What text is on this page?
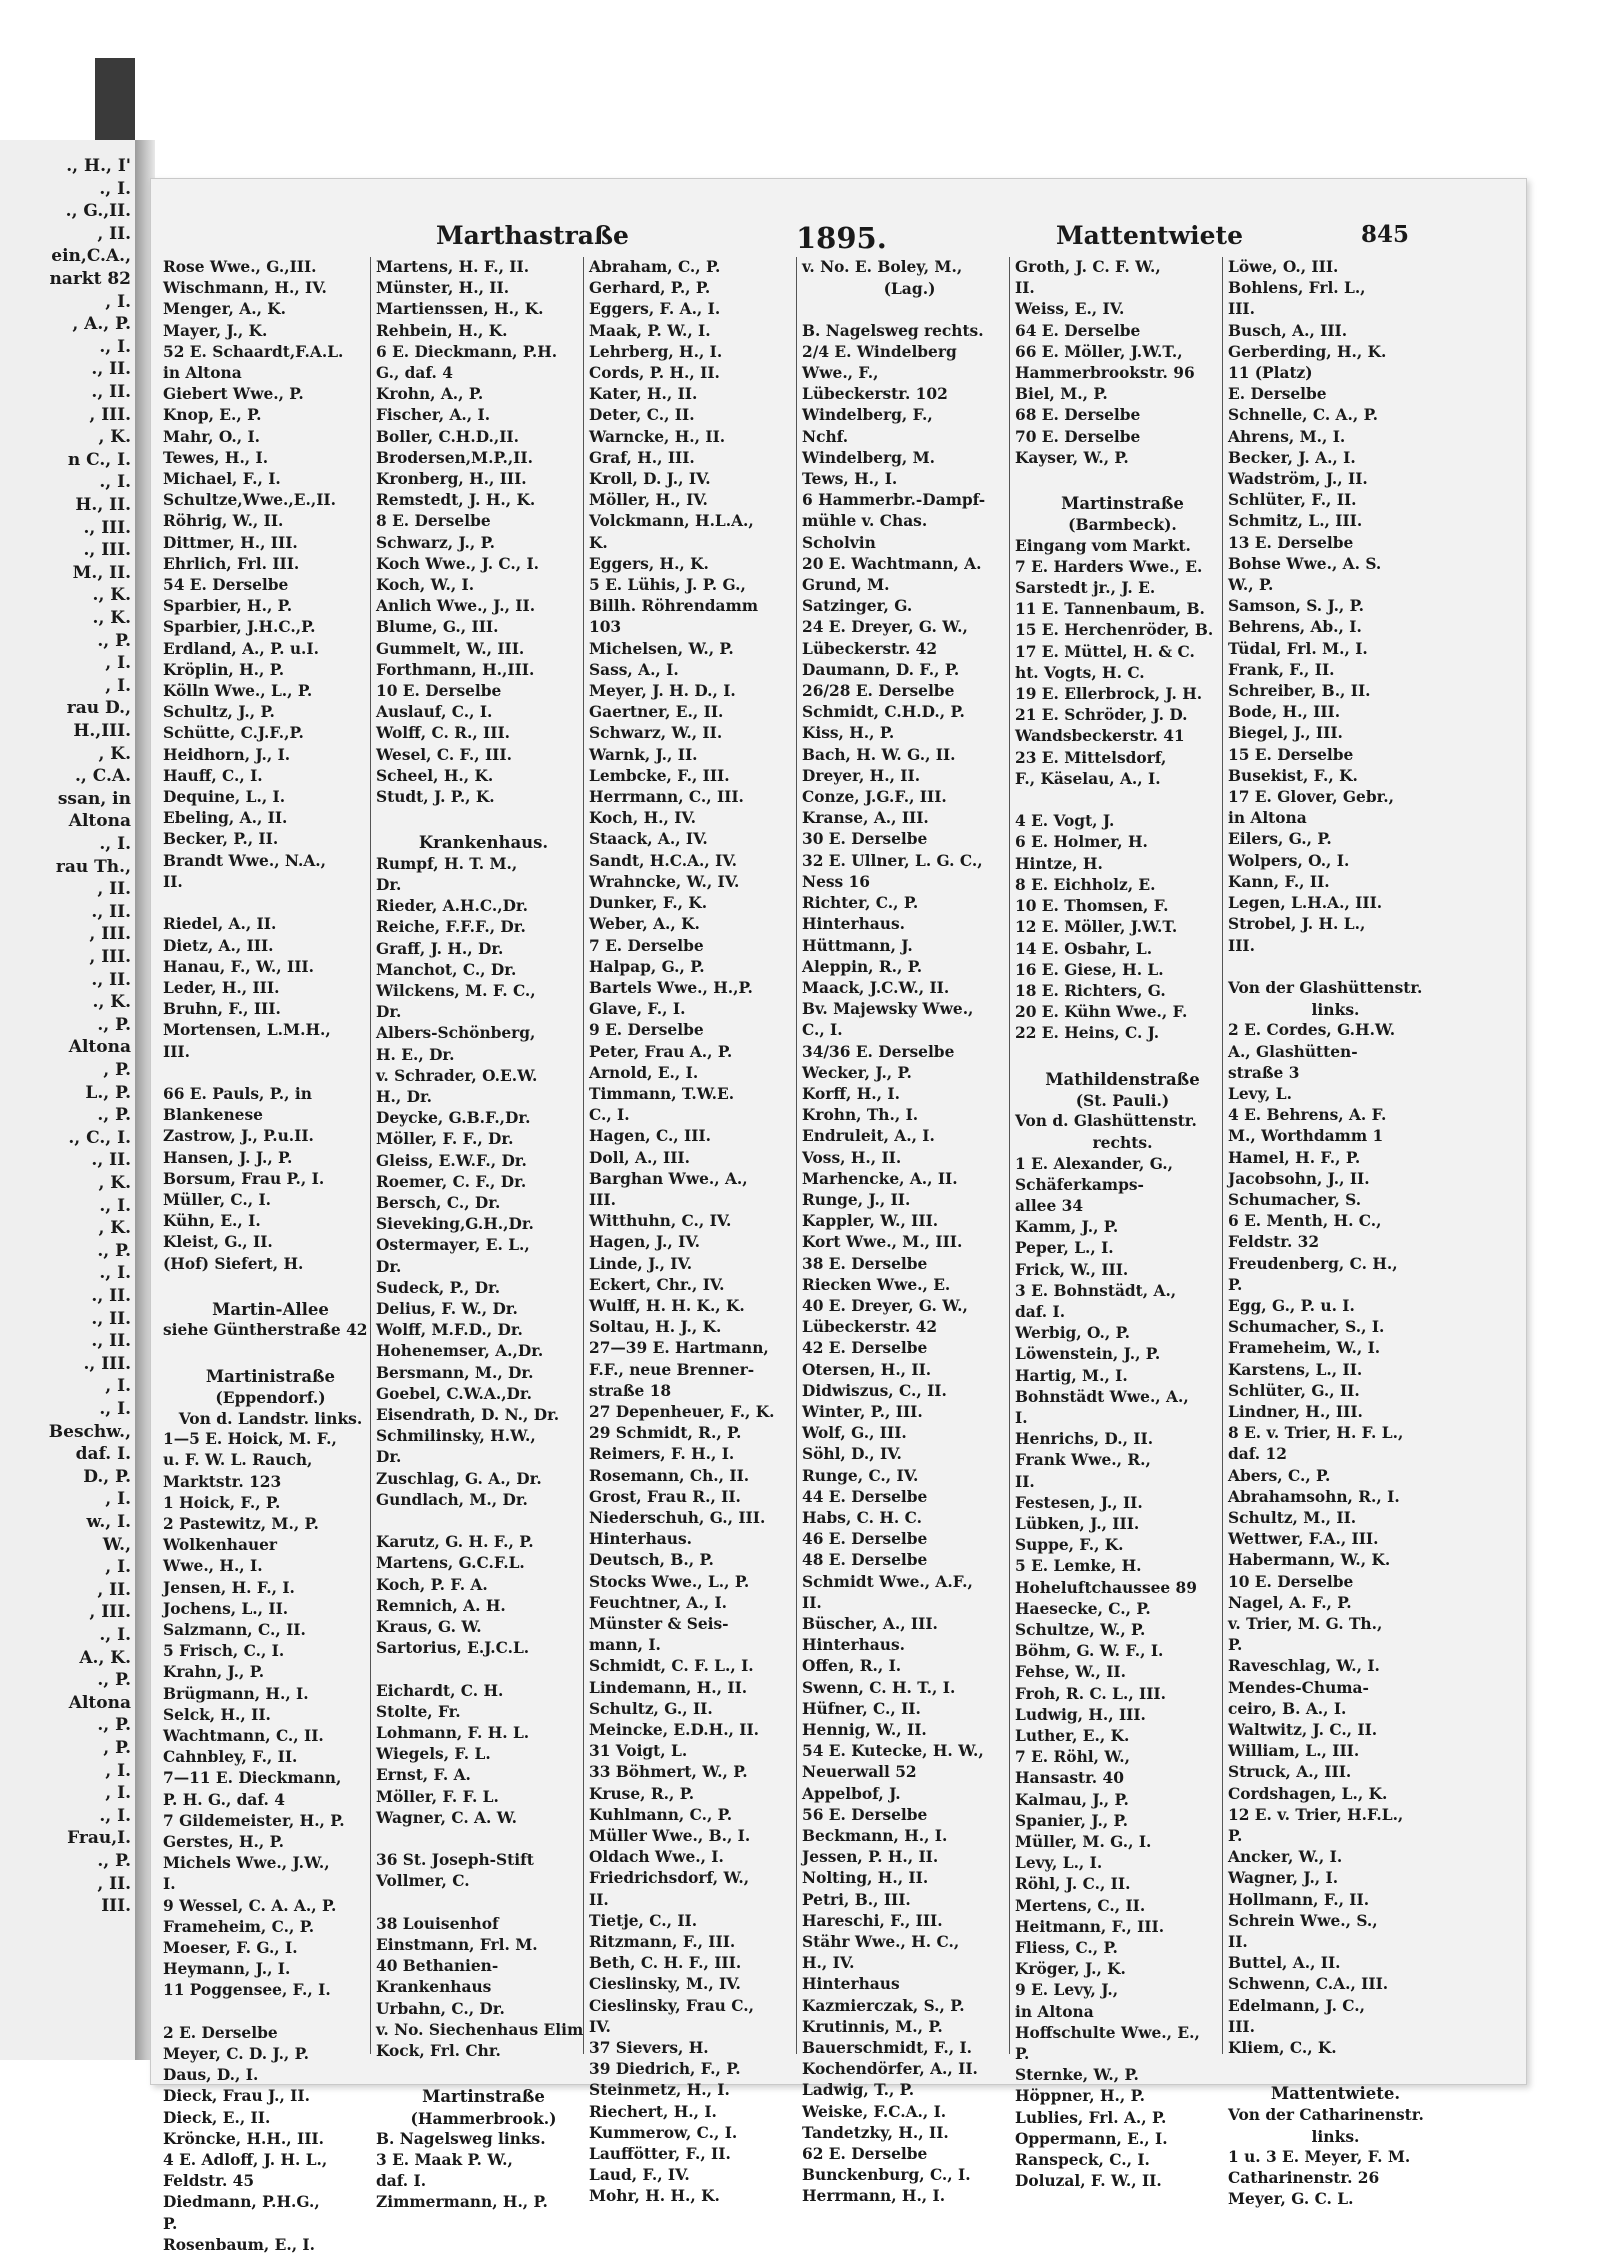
., H., I'
., I.
., G.,II.
, II.
ein,C.A.,
narkt 82
, I.
, A., P.
., I.
., II.
., II.
, III.
, K.
n C., I.
., I.
H., II.
., III.
., III.
M., II.
., K.
., K.
., P.
, I.
, I.
rau D.,
H.,III.
, K.
., C.A.
ssan, in
Altona
., I.
rau Th.,
, II.
., II.
, III.
, III.
., II.
., K.
., P.
Altona
, P.
L., P.
., P.
., C., I.
., II.
, K.
., I.
, K.
., P.
., I.
., II.
., II.
., II.
., III.
, I.
., I.
Beschw.,
daf. I.
D., P.
, I.
w., I.
W.,
, I.
, II.
, III.
., I.
A., K.
., P.
Altona
., P.
, P.
, I.
, I.
., I.
Frau,I.
., P.
, II.
III.
Marthastraße	1895.	Mattentwiete	845
Rose Wwe., G.,III.
Wischmann, H., IV.
Menger, A., K.
Mayer, J., K.
52 E. Schaardt,F.A.L.
in Altona
Giebert Wwe., P.
Knop, E., P.
Mahr, O., I.
Tewes, H., I.
Michael, F., I.
Schultze,Wwe.,E.,II.
Röhrig, W., II.
Dittmer, H., III.
Ehrlich, Frl. III.
54 E. Derselbe
Sparbier, H., P.
Sparbier, J.H.C.,P.
Erdland, A., P. u.I.
Kröplin, H., P.
Kölln Wwe., L., P.
Schultz, J., P.
Schütte, C.J.F.,P.
Heidhorn, J., I.
Hauff, C., I.
Dequine, L., I.
Ebeling, A., II.
Becker, P., II.
Brandt Wwe., N.A.,
II.

Riedel, A., II.
Dietz, A., III.
Hanau, F., W., III.
Leder, H., III.
Bruhn, F., III.
Mortensen, L.M.H.,
III.

66 E. Pauls, P., in
Blankenese
Zastrow, J., P.u.II.
Hansen, J. J., P.
Borsum, Frau P., I.
Müller, C., I.
Kühn, E., I.
Kleist, G., II.
(Hof) Siefert, H.

Martin-Allee
siehe Güntherstraße 42

Martinistraße
(Eppendorf.)
Von d. Landstr. links.
1—5 E. Hoick, M. F.,
u. F. W. L. Rauch,
Marktstr. 123
1 Hoick, F., P.
2 Pastewitz, M., P.
Wolkenhauer
Wwe., H., I.
Jensen, H. F., I.
Jochens, L., II.
Salzmann, C., II.
5 Frisch, C., I.
Krahn, J., P.
Brügmann, H., I.
Selck, H., II.
Wachtmann, C., II.
Cahnbley, F., II.
7—11 E. Dieckmann,
P. H. G., daf. 4
7 Gildemeister, H., P.
Gerstes, H., P.
Michels Wwe., J.W.,
I.
9 Wessel, C. A. A., P.
Frameheim, C., P.
Moeser, F. G., I.
Heymann, J., I.
11 Poggensee, F., I.

2 E. Derselbe
Meyer, C. D. J., P.
Daus, D., I.
Dieck, Frau J., II.
Dieck, E., II.
Kröncke, H.H., III.
4 E. Adloff, J. H. L.,
Feldstr. 45
Diedmann, P.H.G.,
P.
Rosenbaum, E., I.
Martens, H. F., II.
Münster, H., II.
Martienssen, H., K.
Rehbein, H., K.
6 E. Dieckmann, P.H.
G., daf. 4
Krohn, A., P.
Fischer, A., I.
Boller, C.H.D.,II.
Brodersen,M.P.,II.
Kronberg, H., III.
Remstedt, J. H., K.
8 E. Derselbe
Schwarz, J., P.
Koch Wwe., J. C., I.
Koch, W., I.
Anlich Wwe., J., II.
Blume, G., III.
Gummelt, W., III.
Forthmann, H.,III.
10 E. Derselbe
Auslauf, C., I.
Wolff, C. R., III.
Wesel, C. F., III.
Scheel, H., K.
Studt, J. P., K.

Krankenhaus.
Rumpf, H. T. M.,
Dr.
Rieder, A.H.C.,Dr.
Reiche, F.F.F., Dr.
Graff, J. H., Dr.
Manchot, C., Dr.
Wilckens, M. F. C.,
Dr.
Albers-Schönberg,
H. E., Dr.
v. Schrader, O.E.W.
H., Dr.
Deycke, G.B.F.,Dr.
Möller, F. F., Dr.
Gleiss, E.W.F., Dr.
Roemer, C. F., Dr.
Bersch, C., Dr.
Sieveking,G.H.,Dr.
Ostermayer, E. L.,
Dr.
Sudeck, P., Dr.
Delius, F. W., Dr.
Wolff, M.F.D., Dr.
Hohenemser, A.,Dr.
Bersmann, M., Dr.
Goebel, C.W.A.,Dr.
Eisendrath, D. N., Dr.
Schmilinsky, H.W.,
Dr.
Zuschlag, G. A., Dr.
Gundlach, M., Dr.

Karutz, G. H. F., P.
Martens, G.C.F.L.
Koch, P. F. A.
Remnich, A. H.
Kraus, G. W.
Sartorius, E.J.C.L.

Eichardt, C. H.
Stolte, Fr.
Lohmann, F. H. L.
Wiegels, F. L.
Ernst, F. A.
Möller, F. F. L.
Wagner, C. A. W.

36 St. Joseph-Stift
Vollmer, C.

38 Louisenhof
Einstmann, Frl. M.
40 Bethanien-
Krankenhaus
Urbahn, C., Dr.
v. No. Siechenhaus Elim
Kock, Frl. Chr.

Martinstraße
(Hammerbrook.)
B. Nagelsweg links.
3 E. Maak P. W.,
daf. I.
Zimmermann, H., P.
Abraham, C., P.
Gerhard, P., P.
Eggers, F. A., I.
Maak, P. W., I.
Lehrberg, H., I.
Cords, P. H., II.
Kater, H., II.
Deter, C., II.
Warncke, H., II.
Graf, H., III.
Kroll, D. J., IV.
Möller, H., IV.
Volckmann, H.L.A.,
K.
Eggers, H., K.
5 E. Lühis, J. P. G.,
Billh. Röhrendamm
103
Michelsen, W., P.
Sass, A., I.
Meyer, J. H. D., I.
Gaertner, E., II.
Schwarz, W., II.
Warnk, J., II.
Lembcke, F., III.
Herrmann, C., III.
Koch, H., IV.
Staack, A., IV.
Sandt, H.C.A., IV.
Wrahncke, W., IV.
Dunker, F., K.
Weber, A., K.
7 E. Derselbe
Halpap, G., P.
Bartels Wwe., H.,P.
Glave, F., I.
9 E. Derselbe
Peter, Frau A., P.
Arnold, E., I.
Timmann, T.W.E.
C., I.
Hagen, C., III.
Doll, A., III.
Barghan Wwe., A.,
III.
Witthuhn, C., IV.
Hagen, J., IV.
Linde, J., IV.
Eckert, Chr., IV.
Wulff, H. H. K., K.
Soltau, H. J., K.
27—39 E. Hartmann,
F.F., neue Brenner-
straße 18
27 Depenheuer, F., K.
29 Schmidt, R., P.
Reimers, F. H., I.
Rosemann, Ch., II.
Grost, Frau R., II.
Niederschuh, G., III.
Hinterhaus.
Deutsch, B., P.
Stocks Wwe., L., P.
Feuchtner, A., I.
Münster & Seis-
mann, I.
Schmidt, C. F. L., I.
Lindemann, H., II.
Schultz, G., II.
Meincke, E.D.H., II.
31 Voigt, L.
33 Böhmert, W., P.
Kruse, R., P.
Kuhlmann, C., P.
Müller Wwe., B., I.
Oldach Wwe., I.
Friedrichsdorf, W.,
II.
Tietje, C., II.
Ritzmann, F., III.
Beth, C. H. F., III.
Cieslinsky, M., IV.
Cieslinsky, Frau C.,
IV.
37 Sievers, H.
39 Diedrich, F., P.
Steinmetz, H., I.
Riechert, H., I.
Kummerow, C., I.
Lauffötter, F., II.
Laud, F., IV.
Mohr, H. H., K.
v. No. E. Boley, M.,
(Lag.)

B. Nagelsweg rechts.
2/4 E. Windelberg
Wwe., F.,
Lübeckerstr. 102
Windelberg, F.,
Nchf.
Windelberg, M.
Tews, H., I.
6 Hammerbr.-Dampf-
mühle v. Chas.
Scholvin
20 E. Wachtmann, A.
Grund, M.
Satzinger, G.
24 E. Dreyer, G. W.,
Lübeckerstr. 42
Daumann, D. F., P.
26/28 E. Derselbe
Schmidt, C.H.D., P.
Kiss, H., P.
Bach, H. W. G., II.
Dreyer, H., II.
Conze, J.G.F., III.
Kranse, A., III.
30 E. Derselbe
32 E. Ullner, L. G. C.,
Ness 16
Richter, C., P.
Hinterhaus.
Hüttmann, J.
Aleppin, R., P.
Maack, J.C.W., II.
Bv. Majewsky Wwe.,
C., I.
34/36 E. Derselbe
Wecker, J., P.
Korff, H., I.
Krohn, Th., I.
Endruleit, A., I.
Voss, H., II.
Marhencke, A., II.
Runge, J., II.
Kappler, W., III.
Kort Wwe., M., III.
38 E. Derselbe
Riecken Wwe., E.
40 E. Dreyer, G. W.,
Lübeckerstr. 42
42 E. Derselbe
Otersen, H., II.
Didwiszus, C., II.
Winter, P., III.
Wolf, G., III.
Söhl, D., IV.
Runge, C., IV.
44 E. Derselbe
Habs, C. H. C.
46 E. Derselbe
48 E. Derselbe
Schmidt Wwe., A.F.,
II.
Büscher, A., III.
Hinterhaus.
Offen, R., I.
Swenn, C. H. T., I.
Hüfner, C., II.
Hennig, W., II.
54 E. Kutecke, H. W.,
Neuerwall 52
Appelbof, J.
56 E. Derselbe
Beckmann, H., I.
Jessen, P. H., II.
Nolting, H., II.
Petri, B., III.
Hareschi, F., III.
Stähr Wwe., H. C.,
H., IV.
Hinterhaus
Kazmierczak, S., P.
Krutinnis, M., P.
Bauerschmidt, F., I.
Kochendörfer, A., II.
Ladwig, T., P.
Weiske, F.C.A., I.
Tandetzky, H., II.
62 E. Derselbe
Bunckenburg, C., I.
Herrmann, H., I.
Groth, J. C. F. W.,
II.
Weiss, E., IV.
64 E. Derselbe
66 E. Möller, J.W.T.,
Hammerbrookstr. 96
Biel, M., P.
68 E. Derselbe
70 E. Derselbe
Kayser, W., P.

Martinstraße
(Barmbeck).
Eingang vom Markt.
7 E. Harders Wwe., E.
Sarstedt jr., J. E.
11 E. Tannenbaum, B.
15 E. Herchenröder, B.
17 E. Müttel, H. & C.
ht. Vogts, H. C.
19 E. Ellerbrock, J. H.
21 E. Schröder, J. D.
Wandsbeckerstr. 41
23 E. Mittelsdorf,
F., Käselau, A., I.

4 E. Vogt, J.
6 E. Holmer, H.
Hintze, H.
8 E. Eichholz, E.
10 E. Thomsen, F.
12 E. Möller, J.W.T.
14 E. Osbahr, L.
16 E. Giese, H. L.
18 E. Richters, G.
20 E. Kühn Wwe., F.
22 E. Heins, C. J.

Mathildenstraße
(St. Pauli.)
Von d. Glashüttenstr.
rechts.
1 E. Alexander, G.,
Schäferkamps-
allee 34
Kamm, J., P.
Peper, L., I.
Frick, W., III.
3 E. Bohnstädt, A.,
daf. I.
Werbig, O., P.
Löwenstein, J., P.
Hartig, M., I.
Bohnstädt Wwe., A.,
I.
Henrichs, D., II.
Frank Wwe., R.,
II.
Festesen, J., II.
Lübken, J., III.
Suppe, F., K.
5 E. Lemke, H.
Hoheluftchaussee 89
Haesecke, C., P.
Schultze, W., P.
Böhm, G. W. F., I.
Fehse, W., II.
Froh, R. C. L., III.
Ludwig, H., III.
Luther, E., K.
7 E. Röhl, W.,
Hansastr. 40
Kalmau, J., P.
Spanier, J., P.
Müller, M. G., I.
Levy, L., I.
Röhl, J. C., II.
Mertens, C., II.
Heitmann, F., III.
Fliess, C., P.
Kröger, J., K.
9 E. Levy, J.,
in Altona
Hoffschulte Wwe., E.,
P.
Sternke, W., P.
Höppner, H., P.
Lublies, Frl. A., P.
Oppermann, E., I.
Ranspeck, C., I.
Doluzal, F. W., II.
Löwe, O., III.
Bohlens, Frl. L.,
III.
Busch, A., III.
Gerberding, H., K.
11 (Platz)
E. Derselbe
Schnelle, C. A., P.
Ahrens, M., I.
Becker, J. A., I.
Wadström, J., II.
Schlüter, F., II.
Schmitz, L., III.
13 E. Derselbe
Bohse Wwe., A. S.
W., P.
Samson, S. J., P.
Behrens, Ab., I.
Tüdal, Frl. M., I.
Frank, F., II.
Schreiber, B., II.
Bode, H., III.
Biegel, J., III.
15 E. Derselbe
Busekist, F., K.
17 E. Glover, Gebr.,
in Altona
Eilers, G., P.
Wolpers, O., I.
Kann, F., II.
Legen, L.H.A., III.
Strobel, J. H. L.,
III.

Von der Glashüttenstr.
links.
2 E. Cordes, G.H.W.
A., Glashütten-
straße 3
Levy, L.
4 E. Behrens, A. F.
M., Worthdamm 1
Hamel, H. F., P.
Jacobsohn, J., II.
Schumacher, S.
6 E. Menth, H. C.,
Feldstr. 32
Freudenberg, C. H.,
P.
Egg, G., P. u. I.
Schumacher, S., I.
Frameheim, W., I.
Karstens, L., II.
Schlüter, G., II.
Lindner, H., III.
8 E. v. Trier, H. F. L.,
daf. 12
Abers, C., P.
Abrahamsohn, R., I.
Schultz, M., II.
Wettwer, F.A., III.
Habermann, W., K.
10 E. Derselbe
Nagel, A. F., P.
v. Trier, M. G. Th.,
P.
Raveschlag, W., I.
Mendes-Chuma-
ceiro, B. A., I.
Waltwitz, J. C., II.
William, L., III.
Struck, A., III.
Cordshagen, L., K.
12 E. v. Trier, H.F.L.,
P.
Ancker, W., I.
Wagner, J., I.
Hollmann, F., II.
Schrein Wwe., S.,
II.
Buttel, A., II.
Schwenn, C.A., III.
Edelmann, J. C.,
III.
Kliem, C., K.

Mattentwiete.
Von der Catharinenstr.
links.
1 u. 3 E. Meyer, F. M.
Catharinenstr. 26
Meyer, G. C. L.
